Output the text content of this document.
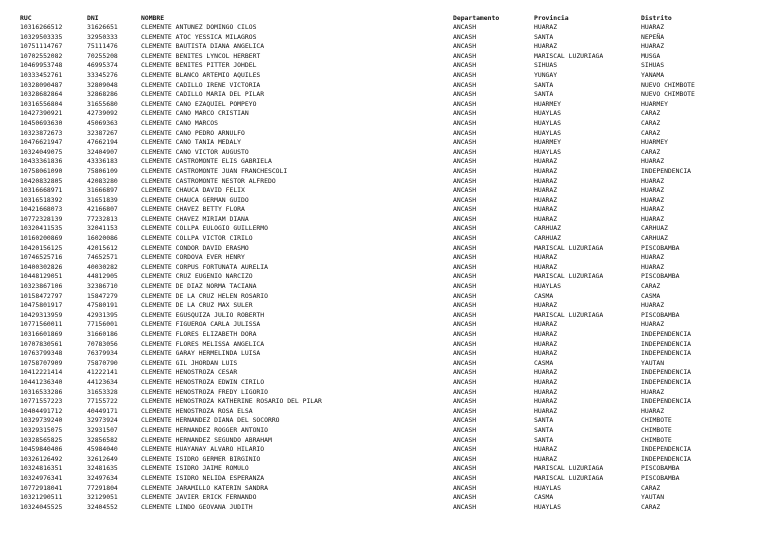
RUC	DNI	NOMBRE	Departamento	Provincia	Distrito
10316266512	31626651	CLEMENTE ANTUNEZ DOMINGO CILOS	ANCASH	HUARAZ	HUARAZ
10329503335	32950333	CLEMENTE ATOC YESSICA MILAGROS	ANCASH	SANTA	NEPEÑA
10751114767	75111476	CLEMENTE BAUTISTA DIANA ANGELICA	ANCASH	HUARAZ	HUARAZ
10702552082	70255208	CLEMENTE BENITES LYNCOL HERBERT	ANCASH	MARISCAL LUZURIAGA	MUSGA
10469953748	46995374	CLEMENTE BENITES PITTER JOHDEL	ANCASH	SIHUAS	SIHUAS
10333452761	33345276	CLEMENTE BLANCO ARTEMIO AQUILES	ANCASH	YUNGAY	YANAMA
10328090487	32809048	CLEMENTE CADILLO IRENE VICTORIA	ANCASH	SANTA	NUEVO CHIMBOTE
10328682864	32868286	CLEMENTE CADILLO MARIA DEL PILAR	ANCASH	SANTA	NUEVO CHIMBOTE
10316556804	31655680	CLEMENTE CANO EZAQUIEL POMPEYO	ANCASH	HUARMEY	HUARMEY
10427390921	42739092	CLEMENTE CANO MARCO CRISTIAN	ANCASH	HUAYLAS	CARAZ
10450693630	45069363	CLEMENTE CANO MARCOS	ANCASH	HUAYLAS	CARAZ
10323872673	32387267	CLEMENTE CANO PEDRO ARNULFO	ANCASH	HUAYLAS	CARAZ
10476621947	47662194	CLEMENTE CANO TANIA MEDALY	ANCASH	HUARMEY	HUARMEY
10324049075	32404907	CLEMENTE CANO VICTOR AUGUSTO	ANCASH	HUAYLAS	CARAZ
10433361836	43336183	CLEMENTE CASTROMONTE ELIS GABRIELA	ANCASH	HUARAZ	HUARAZ
10758061090	75806109	CLEMENTE CASTROMONTE JUAN FRANCHESCOLI	ANCASH	HUARAZ	INDEPENDENCIA
10420832805	42083280	CLEMENTE CASTROMONTE NESTOR ALFREDO	ANCASH	HUARAZ	HUARAZ
10316668971	31666897	CLEMENTE CHAUCA DAVID FELIX	ANCASH	HUARAZ	HUARAZ
10316518392	31651839	CLEMENTE CHAUCA GERMAN GUIDO	ANCASH	HUARAZ	HUARAZ
10421668073	42166807	CLEMENTE CHAVEZ BETTY FLORA	ANCASH	HUARAZ	HUARAZ
10772328139	77232813	CLEMENTE CHAVEZ MIRIAM DIANA	ANCASH	HUARAZ	HUARAZ
10320411535	32041153	CLEMENTE COLLPA EULOGIO GUILLERMO	ANCASH	CARHUAZ	CARHUAZ
10160200869	16020086	CLEMENTE COLLPA VICTOR CIRILO	ANCASH	CARHUAZ	CARHUAZ
10420156125	42015612	CLEMENTE CONDOR DAVID ERASMO	ANCASH	MARISCAL LUZURIAGA	PISCOBAMBA
10746525716	74652571	CLEMENTE CORDOVA EVER HENRY	ANCASH	HUARAZ	HUARAZ
10400302826	40030282	CLEMENTE CORPUS FORTUNATA AURELIA	ANCASH	HUARAZ	HUARAZ
10448129051	44812905	CLEMENTE CRUZ EUGENIO NARCIZO	ANCASH	MARISCAL LUZURIAGA	PISCOBAMBA
10323867106	32386710	CLEMENTE DE DIAZ NORMA TACIANA	ANCASH	HUAYLAS	CARAZ
10158472797	15847279	CLEMENTE DE LA CRUZ HELEN ROSARIO	ANCASH	CASMA	CASMA
10475801917	47580191	CLEMENTE DE LA CRUZ MAX SULER	ANCASH	HUARAZ	HUARAZ
10429313959	42931395	CLEMENTE EGUSQUIZA JULIO ROBERTH	ANCASH	MARISCAL LUZURIAGA	PISCOBAMBA
10771560011	77156001	CLEMENTE FIGUEROA CARLA JULISSA	ANCASH	HUARAZ	HUARAZ
10316601869	31660186	CLEMENTE FLORES ELIZABETH DORA	ANCASH	HUARAZ	INDEPENDENCIA
10707830561	70783056	CLEMENTE FLORES MELISSA ANGELICA	ANCASH	HUARAZ	INDEPENDENCIA
10763799348	76379934	CLEMENTE GARAY HERMELINDA LUISA	ANCASH	HUARAZ	INDEPENDENCIA
10758707909	75870790	CLEMENTE GIL JHORDAN LUIS	ANCASH	CASMA	YAUTAN
10412221414	41222141	CLEMENTE HENOSTROZA CESAR	ANCASH	HUARAZ	INDEPENDENCIA
10441236340	44123634	CLEMENTE HENOSTROZA EDWIN CIRILO	ANCASH	HUARAZ	INDEPENDENCIA
10316533286	31653328	CLEMENTE HENOSTROZA FREDY LIGORIO	ANCASH	HUARAZ	HUARAZ
10771557223	77155722	CLEMENTE HENOSTROZA KATHERINE ROSARIO DEL PILAR	ANCASH	HUARAZ	INDEPENDENCIA
10404491712	40449171	CLEMENTE HENOSTROZA ROSA ELSA	ANCASH	HUARAZ	HUARAZ
10329739240	32973924	CLEMENTE HERNANDEZ DIANA DEL SOCORRO	ANCASH	SANTA	CHIMBOTE
10329315075	32931507	CLEMENTE HERNANDEZ ROGGER ANTONIO	ANCASH	SANTA	CHIMBOTE
10328565825	32856582	CLEMENTE HERNANDEZ SEGUNDO ABRAHAM	ANCASH	SANTA	CHIMBOTE
10459840406	45984040	CLEMENTE HUAYANAY ALVARO HILARIO	ANCASH	HUARAZ	INDEPENDENCIA
10326126492	32612649	CLEMENTE ISIDRO GERMER BIRGINIO	ANCASH	HUARAZ	INDEPENDENCIA
10324816351	32481635	CLEMENTE ISIDRO JAIME ROMULO	ANCASH	MARISCAL LUZURIAGA	PISCOBAMBA
10324976341	32497634	CLEMENTE ISIDRO NELIDA ESPERANZA	ANCASH	MARISCAL LUZURIAGA	PISCOBAMBA
10772918041	77291804	CLEMENTE JARAMILLO KATERIN SANDRA	ANCASH	HUAYLAS	CARAZ
10321290511	32129051	CLEMENTE JAVIER ERICK FERNANDO	ANCASH	CASMA	YAUTAN
10324045525	32404552	CLEMENTE LINDO GEOVANA JUDITH	ANCASH	HUAYLAS	CARAZ
